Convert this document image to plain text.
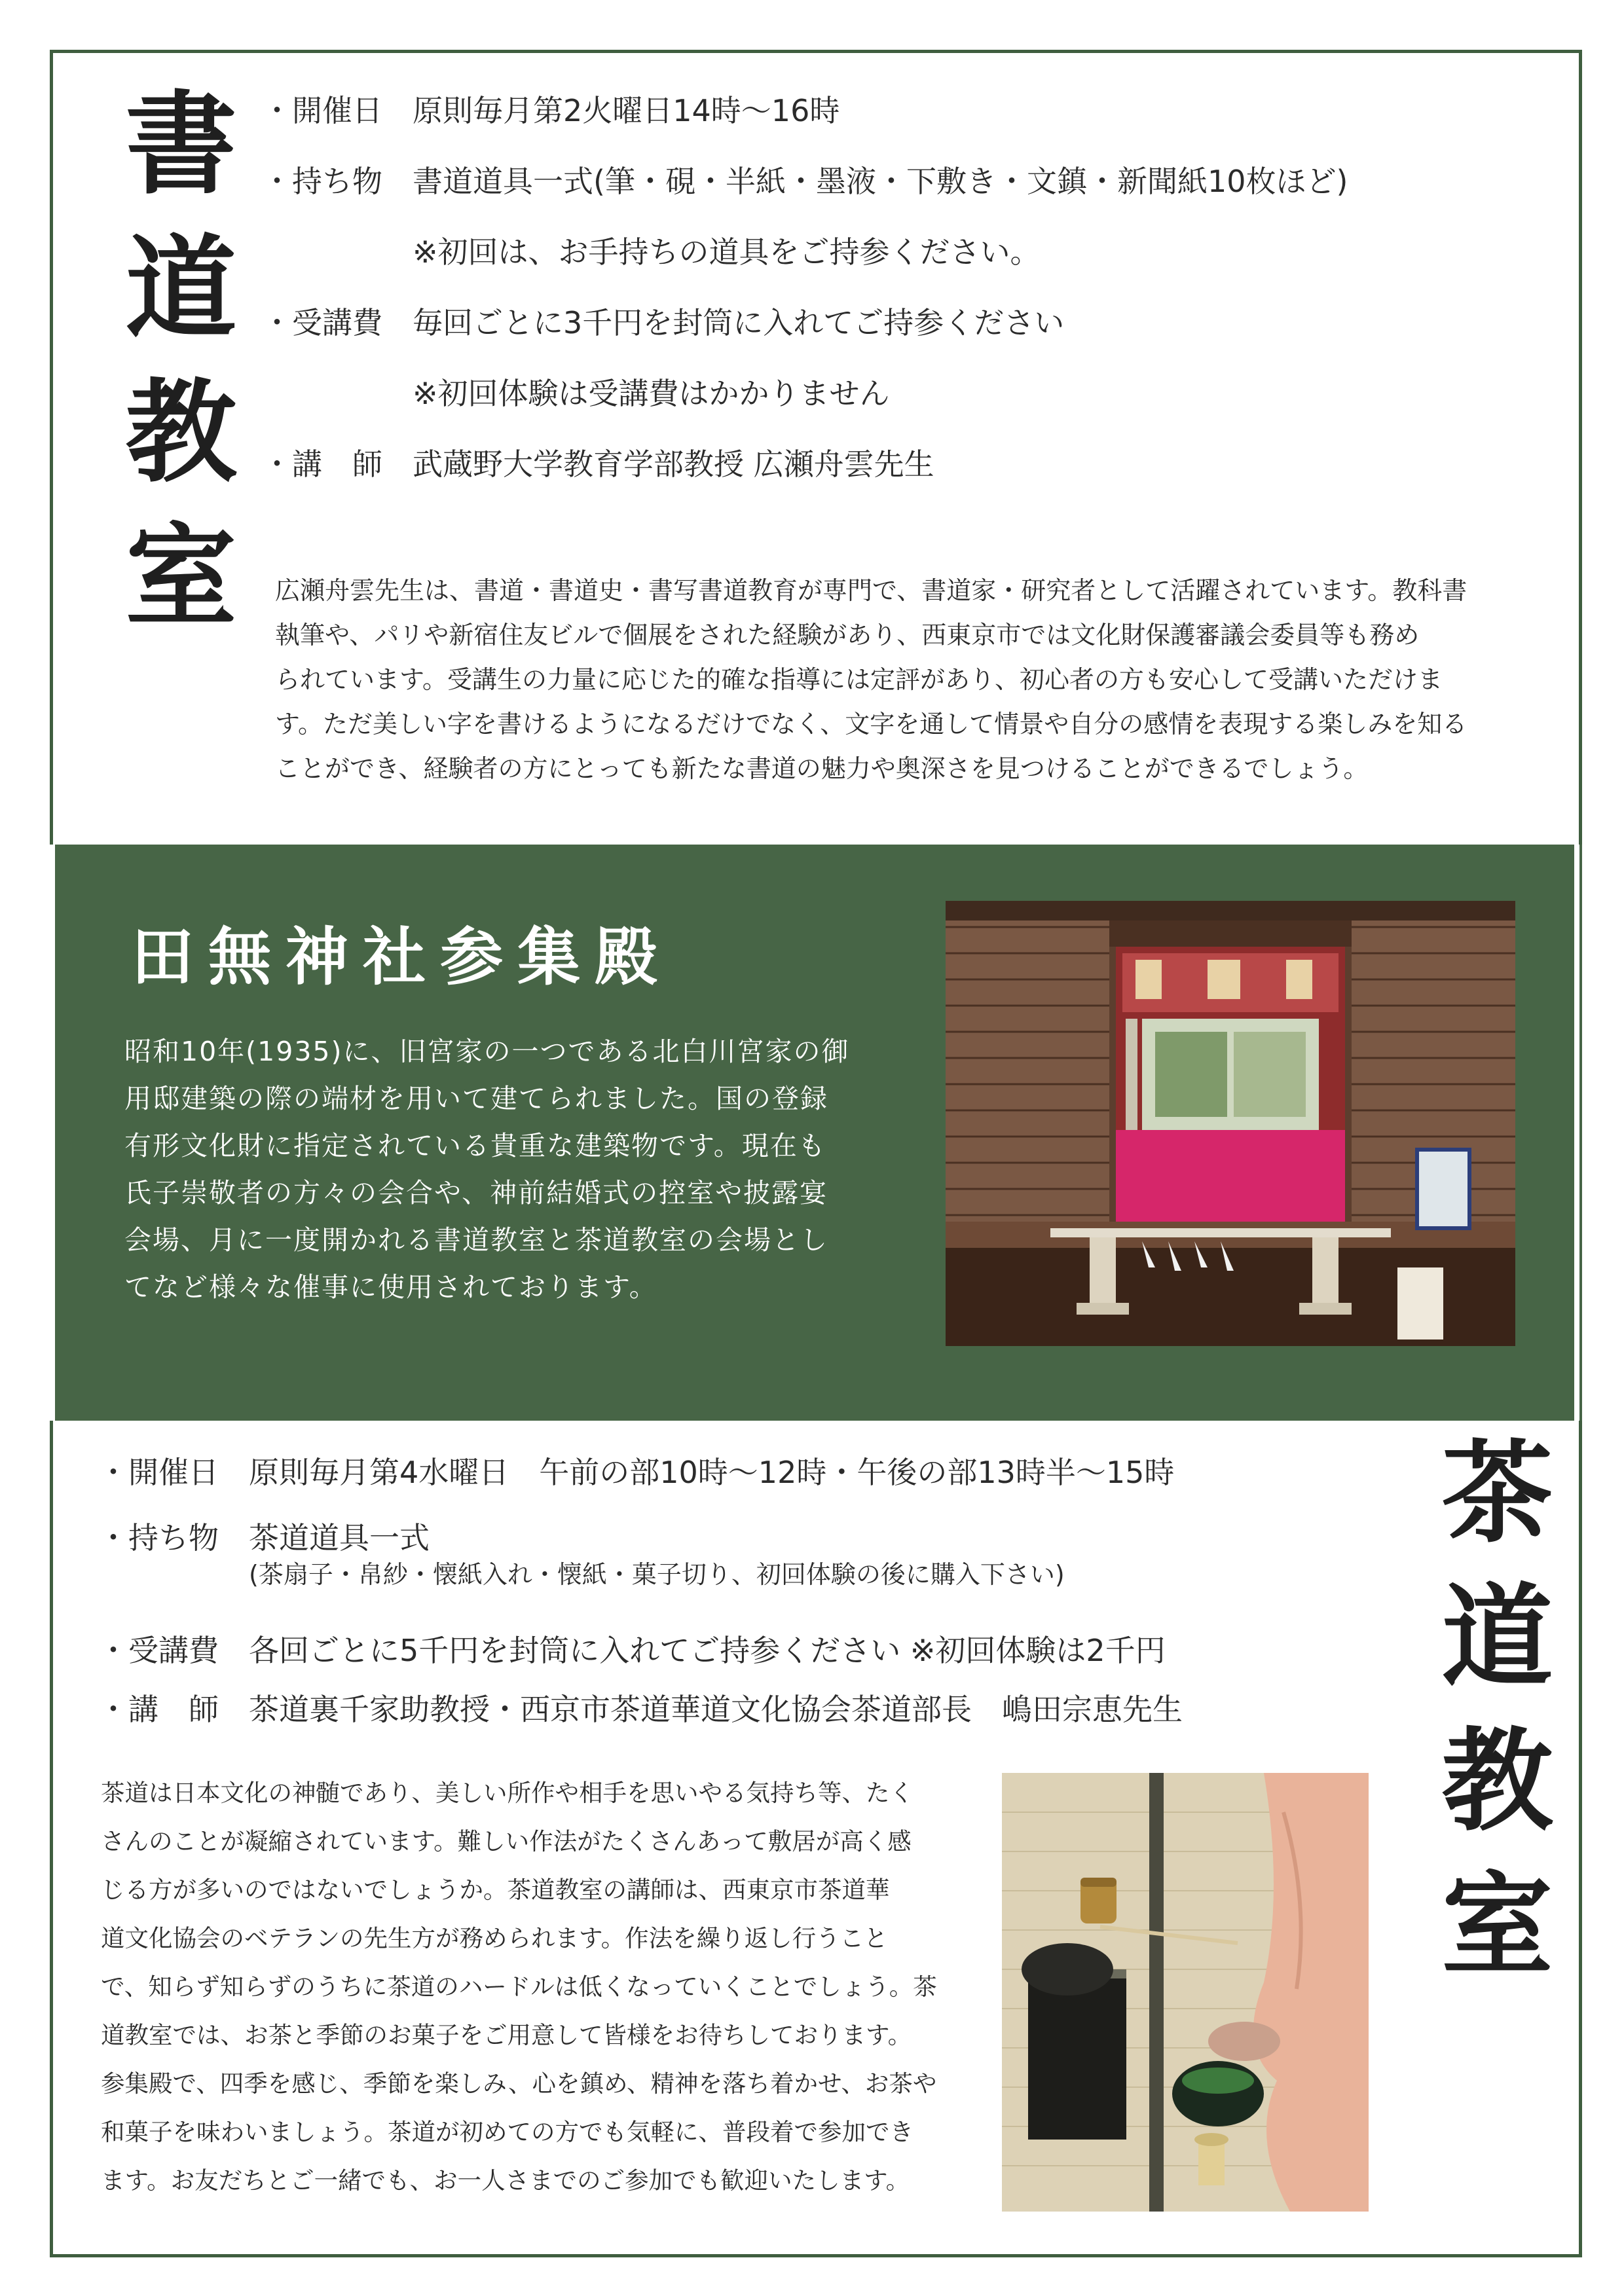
書道教室 ・開催日	原則毎月第2火曜日14時～16時
・持ち物	書道道具一式(筆・硯・半紙・墨液・下敷き・文鎮・新聞紙10枚ほど)
※初回は、お手持ちの道具をご持参ください。
・受講費	毎回ごとに3千円を封筒に入れてご持参ください
※初回体験は受講費はかかりません
・講　師	武蔵野大学教育学部教授 広瀬舟雲先生
広瀬舟雲先生は、書道・書道史・書写書道教育が専門で、書道家・研究者として活躍されています。教科書
執筆や、パリや新宿住友ビルで個展をされた経験があり、西東京市では文化財保護審議会委員等も務め
られています。受講生の力量に応じた的確な指導には定評があり、初心者の方も安心して受講いただけま
す。ただ美しい字を書けるようになるだけでなく、文字を通して情景や自分の感情を表現する楽しみを知る
ことができ、経験者の方にとっても新たな書道の魅力や奥深さを見つけることができるでしょう。
田無神社参集殿
昭和10年(1935)に、旧宮家の一つである北白川宮家の御
用邸建築の際の端材を用いて建てられました。国の登録
有形文化財に指定されている貴重な建築物です。現在も
氏子崇敬者の方々の会合や、神前結婚式の控室や披露宴
会場、月に一度開かれる書道教室と茶道教室の会場とし
てなど様々な催事に使用されております。
茶道教室
・開催日	原則毎月第4水曜日　午前の部10時～12時・午後の部13時半～15時
・持ち物	茶道道具一式
(茶扇子・帛紗・懐紙入れ・懐紙・菓子切り、初回体験の後に購入下さい)
・受講費	各回ごとに5千円を封筒に入れてご持参ください ※初回体験は2千円
・講　師	茶道裏千家助教授・西京市茶道華道文化協会茶道部長　嶋田宗恵先生
茶道は日本文化の神髄であり、美しい所作や相手を思いやる気持ち等、たく
さんのことが凝縮されています。難しい作法がたくさんあって敷居が高く感
じる方が多いのではないでしょうか。茶道教室の講師は、西東京市茶道華
道文化協会のベテランの先生方が務められます。作法を繰り返し行うこと
で、知らず知らずのうちに茶道のハードルは低くなっていくことでしょう。茶
道教室では、お茶と季節のお菓子をご用意して皆様をお待ちしております。
参集殿で、四季を感じ、季節を楽しみ、心を鎮め、精神を落ち着かせ、お茶や
和菓子を味わいましょう。茶道が初めての方でも気軽に、普段着で参加でき
ます。お友だちとご一緒でも、お一人さまでのご参加でも歓迎いたします。
